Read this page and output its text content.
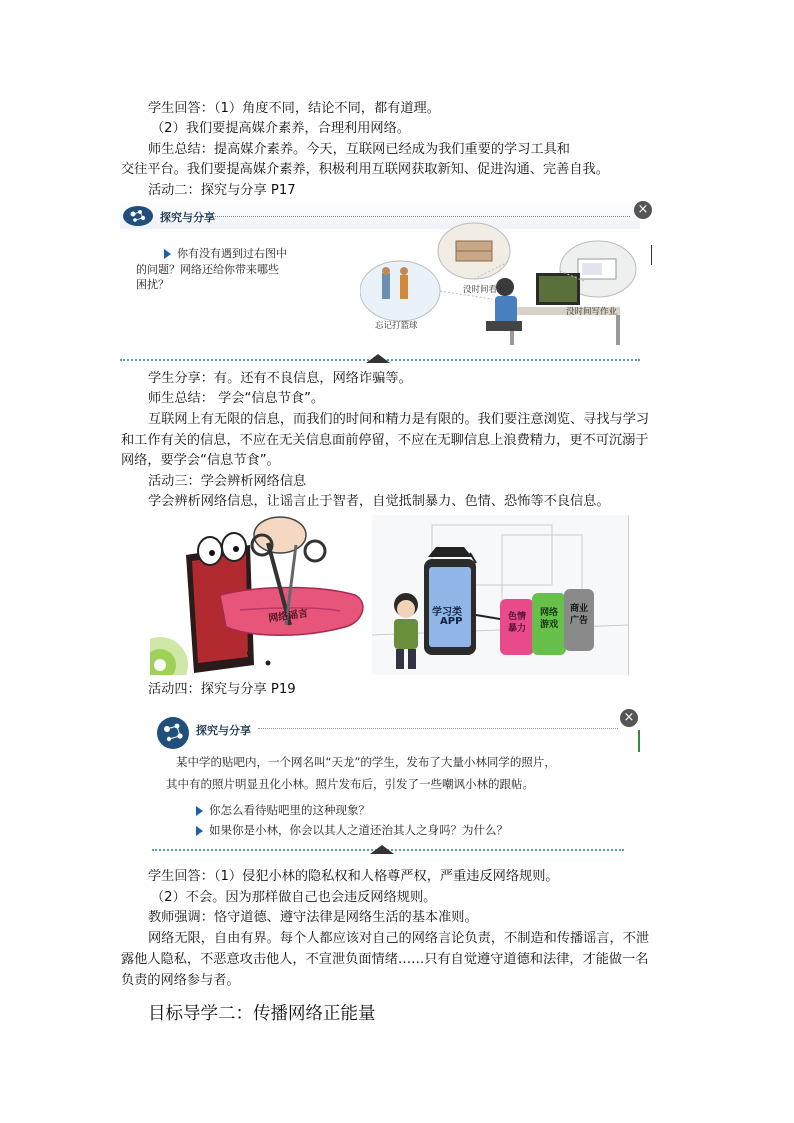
学生回答：（1）角度不同，结论不同，都有道理。
（2）我们要提高媒介素养，合理利用网络。
师生总结：提高媒介素养。今天，互联网已经成为我们重要的学习工具和
交往平台。我们要提高媒介素养，积极利用互联网获取新知、促进沟通、完善自我。
活动二：探究与分享 P17
探究与分享
×
你有没有遇到过右图中
的问题？网络还给你带来哪些
困扰？	没时间看书
没时间写作业
忘记打篮球
学生分享：有。还有不良信息，网络诈骗等。
师生总结： 学会“信息节食”。
互联网上有无限的信息，而我们的时间和精力是有限的。我们要注意浏览、寻找与学习
和工作有关的信息，不应在无关信息面前停留，不应在无聊信息上浪费精力，更不可沉溺于
网络，要学会“信息节食”。
活动三：学会辨析网络信息
学会辨析网络信息，让谣言止于智者，自觉抵制暴力、色情、恐怖等不良信息。
网络谣言	学习类
APP	色情
暴力
网络
游戏
商业
广告
活动四：探究与分享 P19
探究与分享
×
某中学的贴吧内，一个网名叫“天龙”的学生，发布了大量小林同学的照片，
其中有的照片明显丑化小林。照片发布后，引发了一些嘲讽小林的跟帖。
你怎么看待贴吧里的这种现象？
如果你是小林，你会以其人之道还治其人之身吗？为什么？
学生回答：（1）侵犯小林的隐私权和人格尊严权，严重违反网络规则。
（2）不会。因为那样做自己也会违反网络规则。
教师强调：恪守道德、遵守法律是网络生活的基本准则。
网络无限，自由有界。每个人都应该对自己的网络言论负责，不制造和传播谣言，不泄
露他人隐私，不恶意攻击他人，不宣泄负面情绪……只有自觉遵守道德和法律，才能做一名
负责的网络参与者。
目标导学二：传播网络正能量
